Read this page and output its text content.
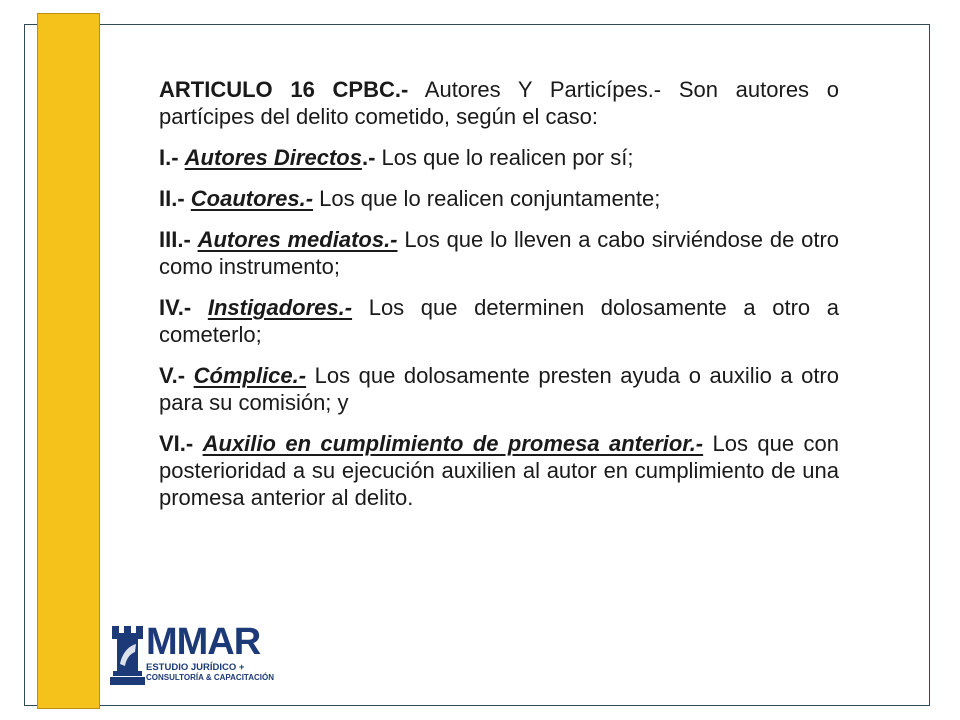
ARTICULO 16 CPBC.- Autores Y Particípes.- Son autores o partícipes del delito cometido, según el caso:

I.- Autores Directos.- Los que lo realicen por sí;

II.- Coautores.- Los que lo realicen conjuntamente;

III.- Autores mediatos.- Los que lo lleven a cabo sirviéndose de otro como instrumento;

IV.- Instigadores.- Los que determinen dolosamente a otro a cometerlo;

V.- Cómplice.- Los que dolosamente presten ayuda o auxilio a otro para su comisión; y

VI.- Auxilio en cumplimiento de promesa anterior.- Los que con posterioridad a su ejecución auxilien al autor en cumplimiento de una promesa anterior al delito.

MMAR
ESTUDIO JURÍDICO +
CONSULTORÍA & CAPACITACIÓN
